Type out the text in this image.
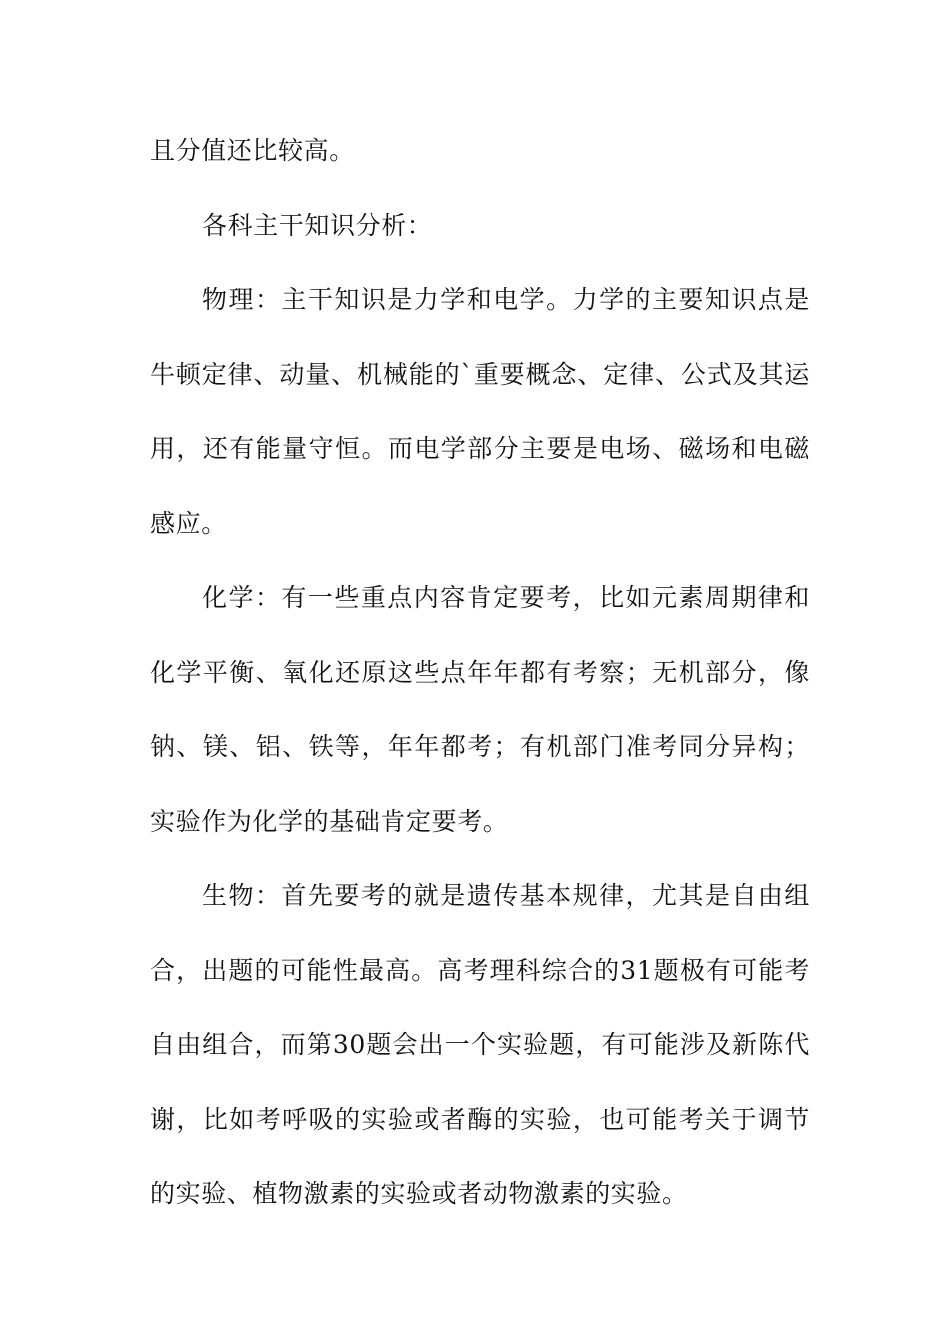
且分值还比较高。

各科主干知识分析：

物理：主干知识是力学和电学。力学的主要知识点是牛顿定律、动量、机械能的`重要概念、定律、公式及其运用，还有能量守恒。而电学部分主要是电场、磁场和电磁感应。

化学：有一些重点内容肯定要考，比如元素周期律和化学平衡、氧化还原这些点年年都有考察；无机部分，像钠、镁、铝、铁等，年年都考；有机部门准考同分异构；实验作为化学的基础肯定要考。

生物：首先要考的就是遗传基本规律，尤其是自由组合，出题的可能性最高。高考理科综合的31题极有可能考自由组合，而第30题会出一个实验题，有可能涉及新陈代谢，比如考呼吸的实验或者酶的实验，也可能考关于调节的实验、植物激素的实验或者动物激素的实验。
